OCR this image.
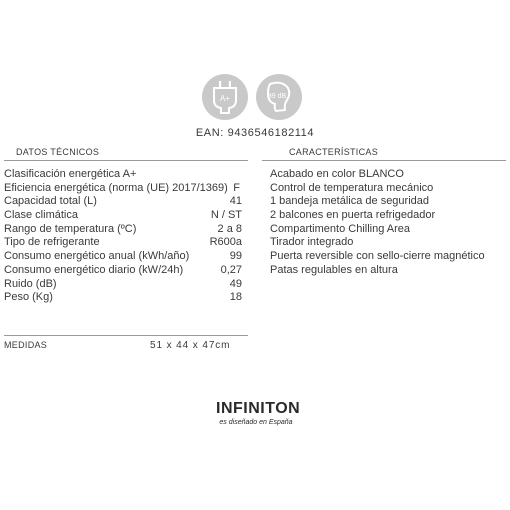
A+	39 dB
EAN: 9436546182114
DATOS TÉCNICOS	CARACTERÍSTICAS
Clasificación energética A+
Eficiencia energética (norma (UE) 2017/1369) F
Capacidad total (L)	41
Clase climática	N / ST
Rango de temperatura (ºC)	2 a 8
Tipo de refrigerante	R600a
Consumo energético anual (kWh/año)	99
Consumo energético diario (kW/24h)	0,27
Ruido (dB)	49
Peso (Kg)	18
Acabado en color BLANCO
Control de temperatura mecánico
1 bandeja metálica de seguridad
2 balcones en puerta refrigedador
Compartimento Chilling Area
Tirador integrado
Puerta reversible con sello-cierre magnético
Patas regulables en altura
MEDIDAS	51 x 44 x 47cm
INFINITON
es diseñado en España
